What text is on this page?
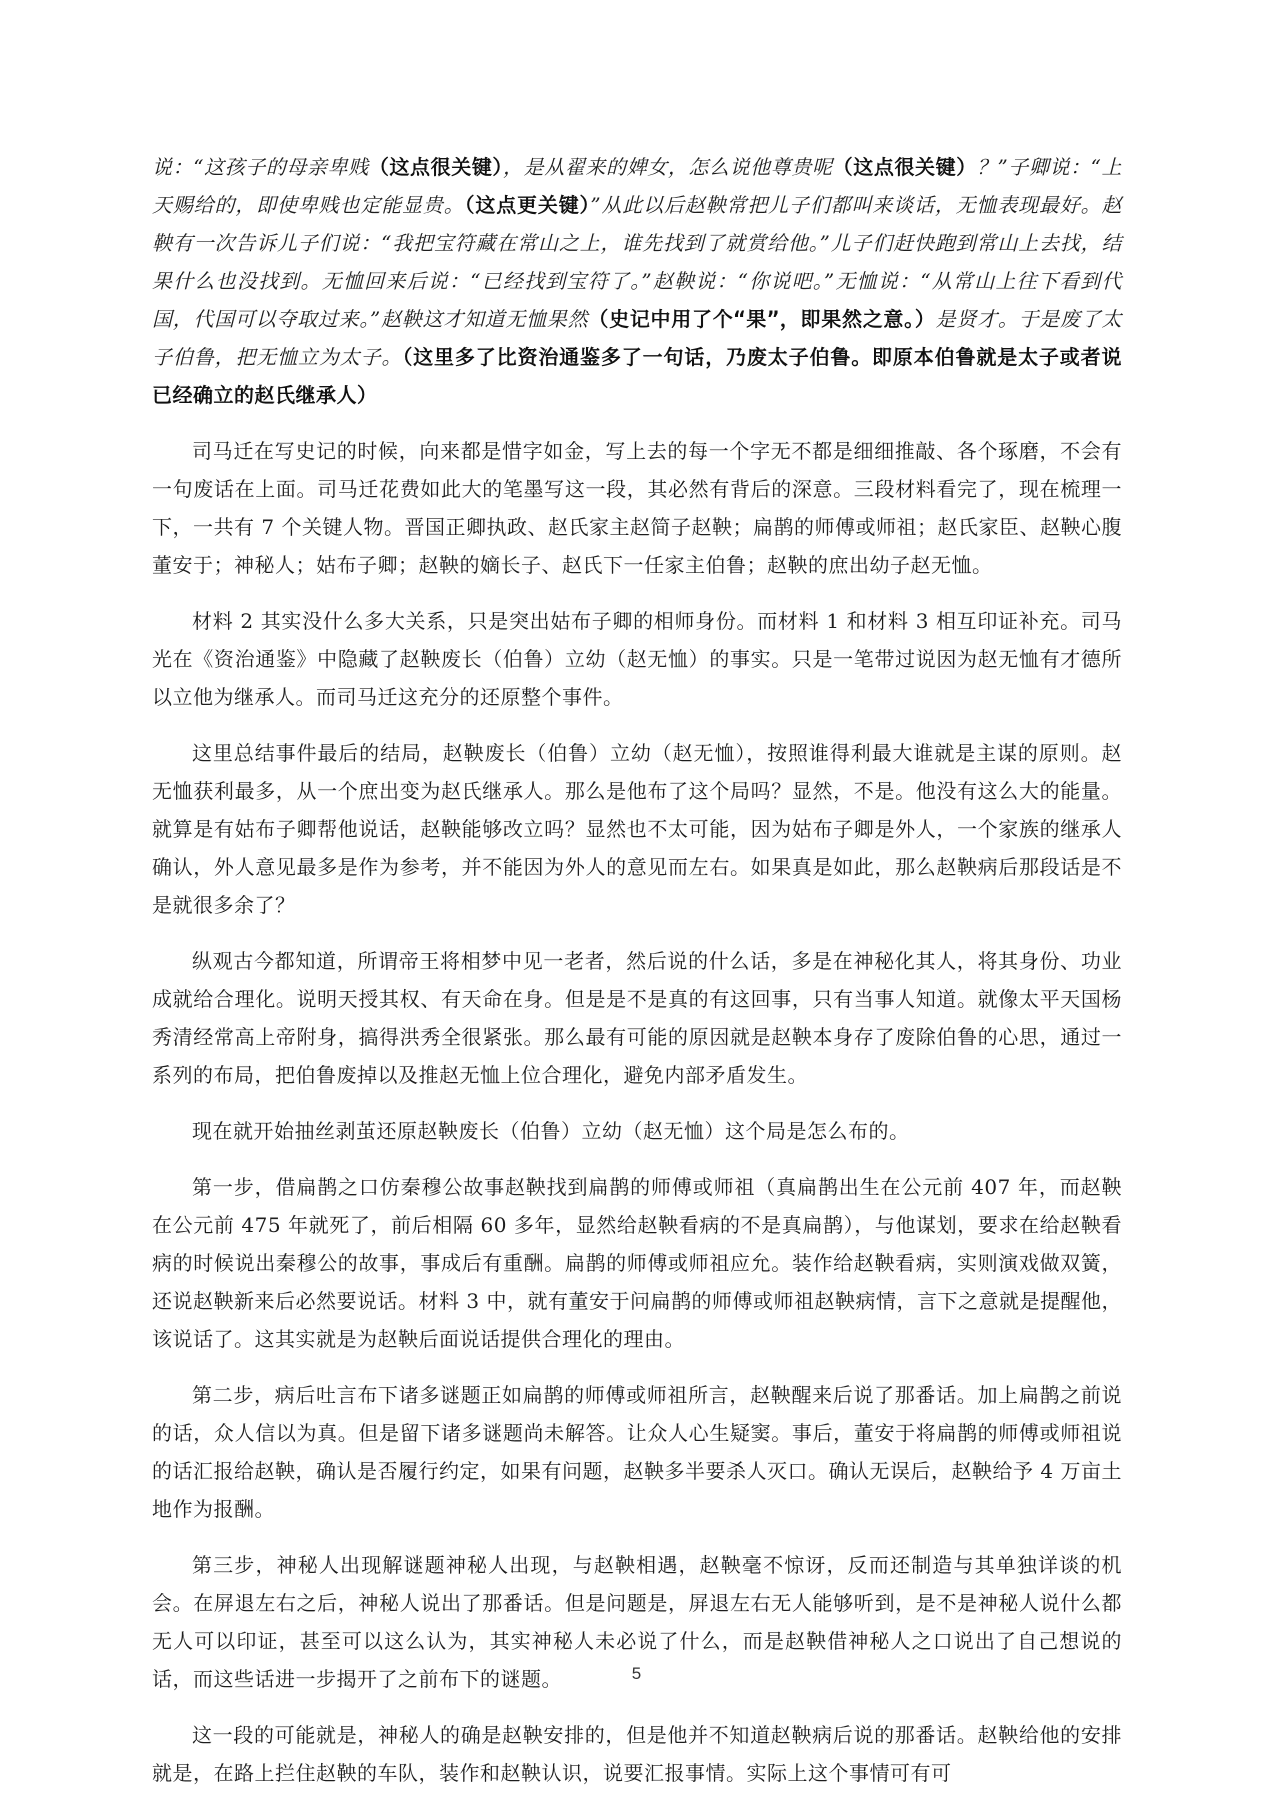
说：“这孩子的母亲卑贱（这点很关键），是从翟来的婢女，怎么说他尊贵呢（这点很关键）？”子卿说：“上天赐给的，即使卑贱也定能显贵。（这点更关键）”从此以后赵鞅常把儿子们都叫来谈话，无恤表现最好。赵鞅有一次告诉儿子们说：“我把宝符藏在常山之上，谁先找到了就赏给他。”儿子们赶快跑到常山上去找，结果什么也没找到。无恤回来后说：“已经找到宝符了。”赵鞅说：“你说吧。”无恤说：“从常山上往下看到代国，代国可以夺取过来。”赵鞅这才知道无恤果然（史记中用了个“果”，即果然之意。）是贤才。于是废了太子伯鲁，把无恤立为太子。（这里多了比资治通鉴多了一句话，乃废太子伯鲁。即原本伯鲁就是太子或者说已经确立的赵氏继承人）

司马迁在写史记的时候，向来都是惜字如金，写上去的每一个字无不都是细细推敲、各个琢磨，不会有一句废话在上面。司马迁花费如此大的笔墨写这一段，其必然有背后的深意。三段材料看完了，现在梳理一下，一共有 7 个关键人物。晋国正卿执政、赵氏家主赵简子赵鞅；扁鹊的师傅或师祖；赵氏家臣、赵鞅心腹董安于；神秘人；姑布子卿；赵鞅的嫡长子、赵氏下一任家主伯鲁；赵鞅的庶出幼子赵无恤。

材料 2 其实没什么多大关系，只是突出姑布子卿的相师身份。而材料 1 和材料 3 相互印证补充。司马光在《资治通鉴》中隐藏了赵鞅废长（伯鲁）立幼（赵无恤）的事实。只是一笔带过说因为赵无恤有才德所以立他为继承人。而司马迁这充分的还原整个事件。

这里总结事件最后的结局，赵鞅废长（伯鲁）立幼（赵无恤），按照谁得利最大谁就是主谋的原则。赵无恤获利最多，从一个庶出变为赵氏继承人。那么是他布了这个局吗？显然，不是。他没有这么大的能量。就算是有姑布子卿帮他说话，赵鞅能够改立吗？显然也不太可能，因为姑布子卿是外人，一个家族的继承人确认，外人意见最多是作为参考，并不能因为外人的意见而左右。如果真是如此，那么赵鞅病后那段话是不是就很多余了？

纵观古今都知道，所谓帝王将相梦中见一老者，然后说的什么话，多是在神秘化其人，将其身份、功业成就给合理化。说明天授其权、有天命在身。但是是不是真的有这回事，只有当事人知道。就像太平天国杨秀清经常高上帝附身，搞得洪秀全很紧张。那么最有可能的原因就是赵鞅本身存了废除伯鲁的心思，通过一系列的布局，把伯鲁废掉以及推赵无恤上位合理化，避免内部矛盾发生。

现在就开始抽丝剥茧还原赵鞅废长（伯鲁）立幼（赵无恤）这个局是怎么布的。

第一步，借扁鹊之口仿秦穆公故事赵鞅找到扁鹊的师傅或师祖（真扁鹊出生在公元前 407 年，而赵鞅在公元前 475 年就死了，前后相隔 60 多年，显然给赵鞅看病的不是真扁鹊），与他谋划，要求在给赵鞅看病的时候说出秦穆公的故事，事成后有重酬。扁鹊的师傅或师祖应允。装作给赵鞅看病，实则演戏做双簧，还说赵鞅新来后必然要说话。材料 3 中，就有董安于问扁鹊的师傅或师祖赵鞅病情，言下之意就是提醒他，该说话了。这其实就是为赵鞅后面说话提供合理化的理由。

第二步，病后吐言布下诸多谜题正如扁鹊的师傅或师祖所言，赵鞅醒来后说了那番话。加上扁鹊之前说的话，众人信以为真。但是留下诸多谜题尚未解答。让众人心生疑窦。事后，董安于将扁鹊的师傅或师祖说的话汇报给赵鞅，确认是否履行约定，如果有问题，赵鞅多半要杀人灭口。确认无误后，赵鞅给予 4 万亩土地作为报酬。

第三步，神秘人出现解谜题神秘人出现，与赵鞅相遇，赵鞅毫不惊讶，反而还制造与其单独详谈的机会。在屏退左右之后，神秘人说出了那番话。但是问题是，屏退左右无人能够听到，是不是神秘人说什么都无人可以印证，甚至可以这么认为，其实神秘人未必说了什么，而是赵鞅借神秘人之口说出了自己想说的话，而这些话进一步揭开了之前布下的谜题。

这一段的可能就是，神秘人的确是赵鞅安排的，但是他并不知道赵鞅病后说的那番话。赵鞅给他的安排就是，在路上拦住赵鞅的车队，装作和赵鞅认识，说要汇报事情。实际上这个事情可有可

5
